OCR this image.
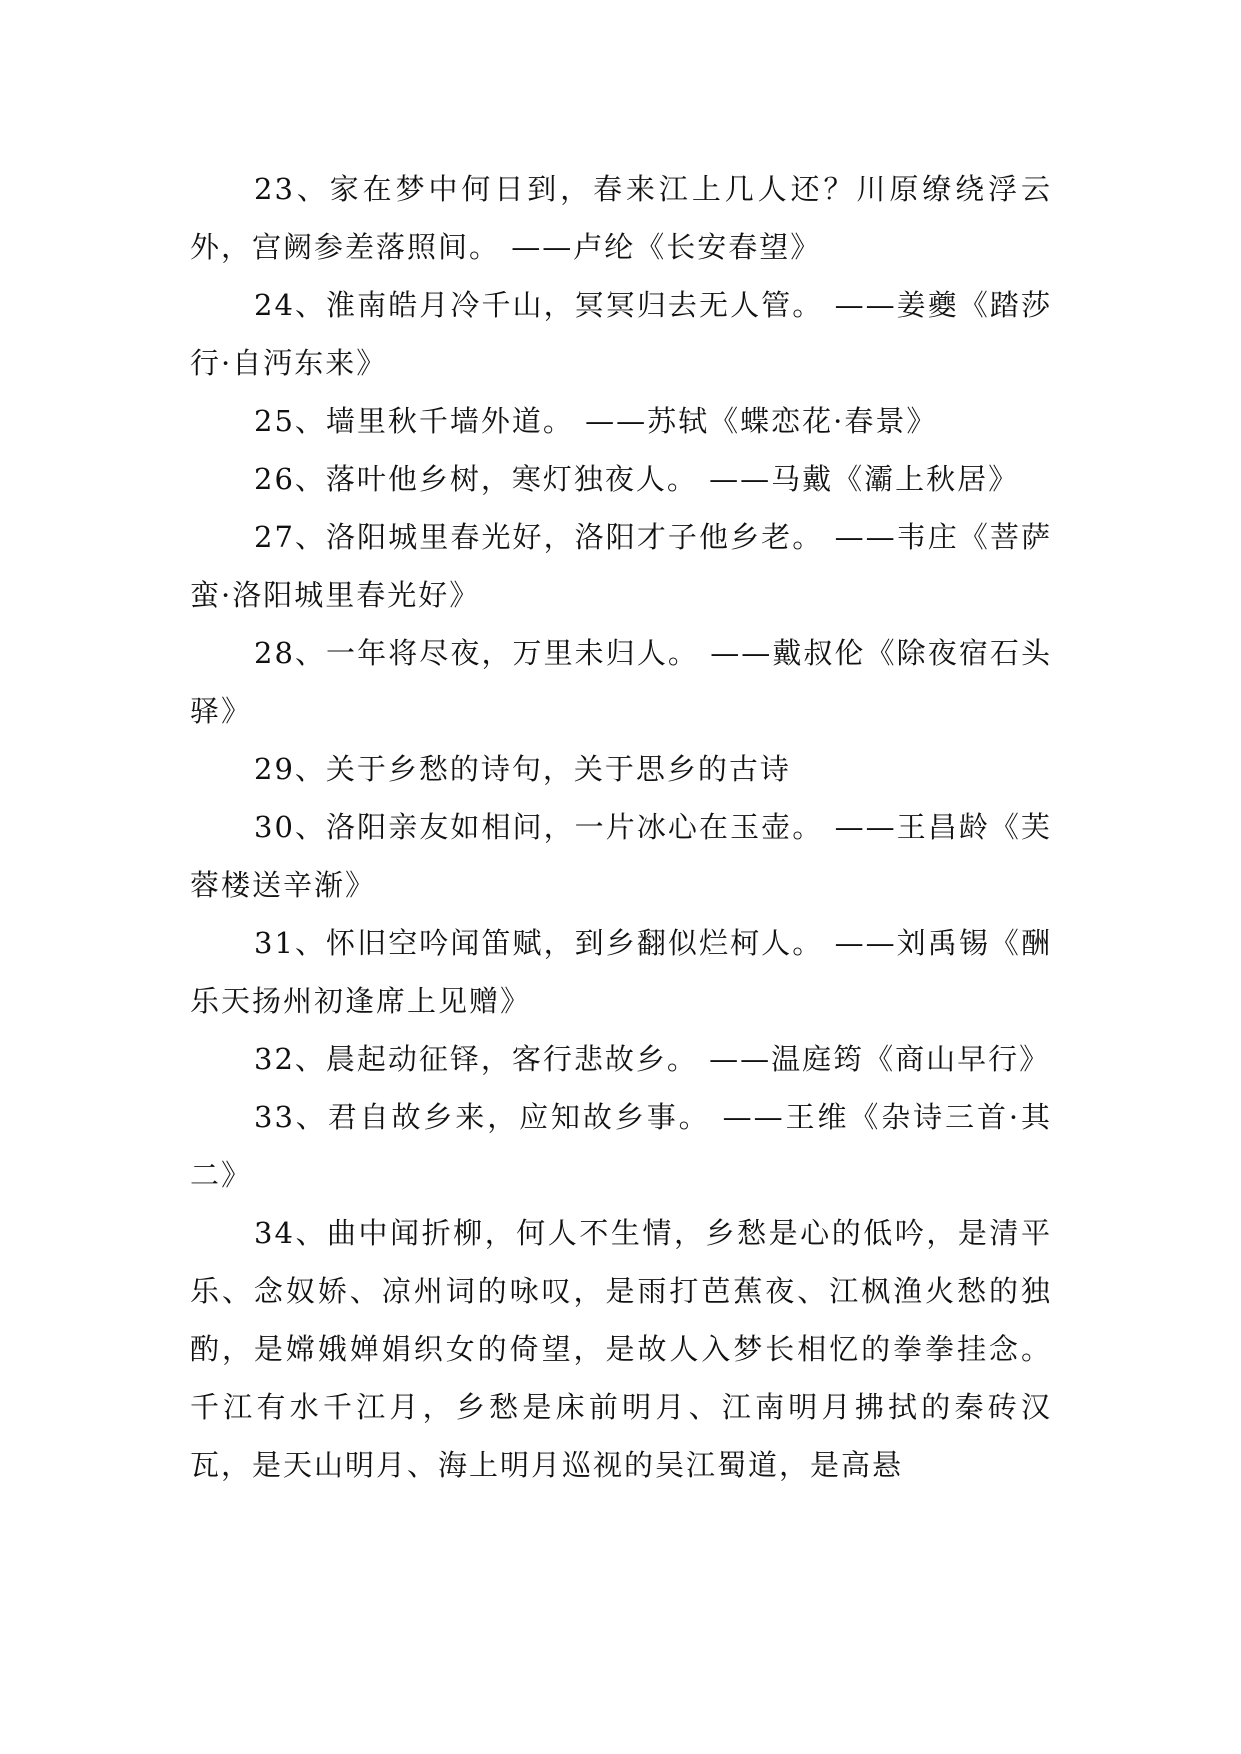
23、家在梦中何日到，春来江上几人还？川原缭绕浮云外，宫阙参差落照间。 ——卢纶《长安春望》

24、淮南皓月冷千山，冥冥归去无人管。 ——姜夔《踏莎行·自沔东来》

25、墙里秋千墙外道。 ——苏轼《蝶恋花·春景》

26、落叶他乡树，寒灯独夜人。 ——马戴《灞上秋居》

27、洛阳城里春光好，洛阳才子他乡老。 ——韦庄《菩萨蛮·洛阳城里春光好》

28、一年将尽夜，万里未归人。 ——戴叔伦《除夜宿石头驿》

29、关于乡愁的诗句，关于思乡的古诗

30、洛阳亲友如相问，一片冰心在玉壶。 ——王昌龄《芙蓉楼送辛渐》

31、怀旧空吟闻笛赋，到乡翻似烂柯人。 ——刘禹锡《酬乐天扬州初逢席上见赠》

32、晨起动征铎，客行悲故乡。 ——温庭筠《商山早行》

33、君自故乡来，应知故乡事。 ——王维《杂诗三首·其二》

34、曲中闻折柳，何人不生情，乡愁是心的低吟，是清平乐、念奴娇、凉州词的咏叹，是雨打芭蕉夜、江枫渔火愁的独酌，是嫦娥婵娟织女的倚望，是故人入梦长相忆的拳拳挂念。千江有水千江月，乡愁是床前明月、江南明月拂拭的秦砖汉瓦，是天山明月、海上明月巡视的吴江蜀道，是高悬
